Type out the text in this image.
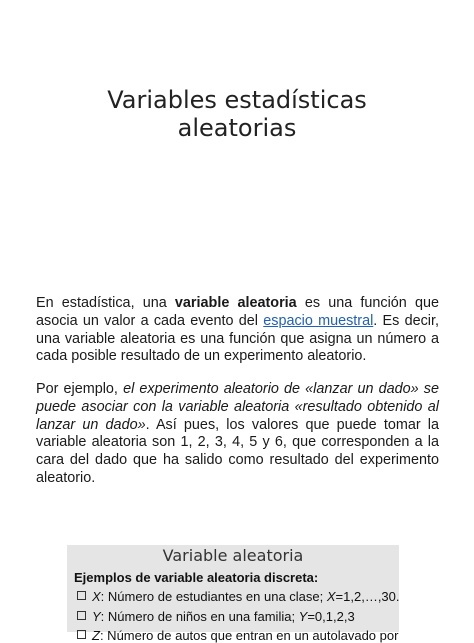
Variables estadísticas
aleatorias
En estadística, una variable aleatoria es una función que asocia un valor a cada evento del espacio muestral. Es decir, una variable aleatoria es una función que asigna un número a cada posible resultado de un experimento aleatorio.
Por ejemplo, el experimento aleatorio de «lanzar un dado» se puede asociar con la variable aleatoria «resultado obtenido al lanzar un dado». Así pues, los valores que puede tomar la variable aleatoria son 1, 2, 3, 4, 5 y 6, que corresponden a la cara del dado que ha salido como resultado del experimento aleatorio.
Variable aleatoria
Ejemplos de variable aleatoria discreta:
X: Número de estudiantes en una clase; X=1,2,…,30.
Y: Número de niños en una familia; Y=0,1,2,3
Z: Número de autos que entran en un autolavado por
